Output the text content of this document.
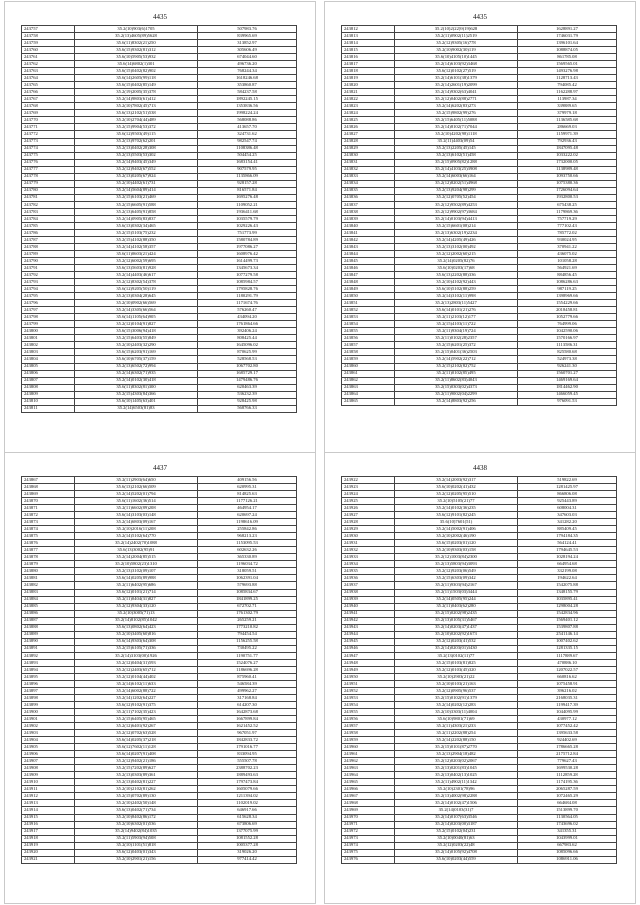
4435
243757	35.2(10)903(6)1705	507983.76
243758	35.2(13)4605(89)5628	839965.69
243759	35.6(11)8302(21)250	313852.97
243760	35.6(15)9302(81)312	305606.49
243761	35.6(10)5905(53)932	674044.60
243762	35.6(14)6802(1)301	496736.20
243763	35.6(15)0402(82)902	768244.34
243764	35.6(14)2605(99)118	1618246.68
243765	35.6(15)0402(85)149	353860.87
243766	35.2(19)2005(35)378	584237.58
243767	35.2(14)9803(61)412	1892245.15
243768	35.2(10)7802(45)713	1353836.56
243769	35.6(13)2102(51)538	1998224.24
243770	35.2(10)2704(44)489	568088.86
243771	35.2(15)9904(53)372	413657.70
243772	35.6(12)9503(49)115	324731.62
243773	35.2(13)9702(62)201	982547.74
243774	35.2(13)0402(28)308	1108386.48
243775	35.2(13)5503(53)302	504454.25
243776	35.2(14)9403(45)349	1683154.41
243777	35.2(12)9402(67)552	907579.95
243778	35.2(13)0205(67)924	1135866.09
243779	35.2(10)4402(61)731	928157.28
243780	35.2(14)5604(89)414	816571.84
243781	35.2(15)6103(21)469	1695276.48
243782	35.2(15)6605(91)588	1109052.21
243783	35.2(13)6405(91)858	1936411.68
243784	35.2(14)0905(83)837	1035579.79
243785	35.6(13)0302(34)465	1029226.43
243786	35.2(15)5103(75)232	751773.99
243787	35.2(15)4102(88)350	1580784.89
243788	35.2(14)4102(58)357	1977086.27
243789	35.6(11)0603(21)424	1608976.42
243790	35.2(12)6002(59)695	1614499.73
243791	35.6(13)5603(81)928	1345673.34
243792	35.2(14)4403(46)617	1077279.58
243793	35.2(12)8302(54)378	1085984.57
243794	35.6(12)9205(50)119	1795828.76
243795	35.2(13)0304(28)645	1180291.79
243796	35.2(10)0902(66)569	1171674.76
243797	35.2(14)3305(66)564	576260.47
243798	35.6(14)1105(64)905	434094.20
243799	35.2(12)0104(91)827	1761864.66
243800	35.6(15)3006(94)418	392406.24
243801	35.2(15)6403(55)849	808425.44
243802	35.2(10)2403(32)290	1645096.02
243803	35.6(15)6203(91)169	870625.99
243804	35.6(10)6705(37)159	528568.53
243805	35.2(13)6502(72)994	1067702.80
243806	35.2(14)6302(71)935	1685729.17
243807	35.2(14)0102(30)418	1479486.76
243808	35.6(11)8302(81)300	620463.39
243809	35.2(15)4303(84)366	536232.39
243810	35.6(10)1405(63)401	928425.98
243811	35.2(14)6503(81)83	568766.33
4435
243812	35.2(10)2(22)9(19)628	1628891.27
243813	35.2(11)0902(11)2519	1746031.79
243814	35.2(12)9305(16)778	1396101.64
243815	35.2(10)9002(30)119	1088874.05
243816	35.6(10)4105(10)1445	861785.08
243817	35.2(14)6103(92)3468	1569565.01
243818	35.6(12)0102(27)519	1493276.98
243819	35.2(14)6101(38)1379	1128713.43
243820	35.2(14)2601(19)2099	794085.42
243821	35.2(14)9302(63)4041	1162288.97
243822	35.2(12)0402(88)2771	113987.34
243823	35.2(14)6202(83)273	339889.65
243824	35.2(15)9802(99)276	379979.18
243825	35.2(15)6405(11)5088	1136585.68
243826	35.2(14)8102(71)7044	286669.03
243827	35.2(10)4202(98)1118	1159971.39
243828	35.2(11)4403(09)54	792936.43
243829	35.2(13)2205(45)145	1847095.48
243830	35.2(13)6102(51)458	1033222.02
243831	35.2(15)0905(82)1288	1732000.05
243832	35.2(14)4103(25)3908	1138989.48
243833	35.2(14)6003(66)164	1093750.66
243834	35.2(12)8202(51)4968	1075380.36
243835	35.2(13)9204(98)299	1726094.64
243836	35.2(12)0705(52)454	1932800.53
243837	35.2(12)9502(89)4253	675438.25
243838	35.2(12)9902(97)3684	1179869.36
243839	35.2(14)0103(94)4413	757719.29
243840	35.2(15)6601(08)214	777102.43
243841	35.2(13)6302(19)2234	785772.02
243842	35.2(14)4205(49)426	930024.95
243843	35.2(13)3102(00)492	370941.22
243844	35.2(12)2002(60)215	436075.02
243845	35.2(14)0205(82)76	101058.28
243846	35.6(10)0203(17)68	564921.69
243847	35.6(13)2202(88)336	884856.45
243848	35.2(10)4102(92)443	1086286.63
243849	35.6(10)5102(88)259	987119.25
243850	35.2(14)3102(11)998	1398969.66
243851	35.2(13)2803(11)5427	1554229.66
243852	35.6(14)0101(21)276	2018458.81
243853	35.2(11)2103(12)177	1052779.66
243854	35.2(15)4103(11)722	764999.06
243855	35.2(11)9304(19)724	1042590.06
243856	35.2(11)0102(28)2357	1570166.97
243857	35.2(15)6201(25)372	1113586.31
243858	35.2(15)0401(36)2503	825580.68
243859	35.2(14)5902(22)712	524973.38
243860	35.2(15)2102(82)752	926241.30
243861	35.2(11)0102(85)495	1560701.27
243862	35.2(11)8602(83)4043	1469169.64
243863	35.2(15)0303(02)4373	1814462.90
243864	35.2(11)9002(04)2299	1466059.45
243865	35.2(14)8803(92)256	976091.53
4437
243867	35.2(11)2903(64)650	409156.56
243868	35.6(13)2102(66)509	620995.31
243869	35.2(14)5202(01)794	814825.63
243870	35.6(11)1602(36)514	1177126.21
243871	35.2(11)6602(89)208	464954.17
243872	35.6(14)3103(03)148	620697.24
243873	35.2(14)6803(09)167	1198616.09
243874	35.2(10)2016(11)208	255842.86
243875	35.2(14)5102(64)770	968213.23
243876	35.2(14)2402(70)1088	1153095.53
243877	35.6(13)3002(95)91	602632.26
243878	35.2(14)2004(85)515	365330.89
243879	35.2(10)5802(23)1310	1196034.72
243880	35.2(13)3102(09)107	318059.51
243881	35.6(14)0205(89)988	1062391.04
243882	35.2(11)6402(95)686	579693.88
243883	35.6(12)0101(21)714	1085834.67
243884	35.2(11)0404(31)827	1841899.25
243885	35.2(12)9304(33)120	672702.71
243886	35.2(10)3005(71)13	1761302.79
243887	35.2(14)8102(85)1042	265259.21
243888	35.6(13)0802(64)423	1773210.82
243889	35.2(10)3405(60)816	794454.54
243890	35.6(14)9303(64)308	1156255.58
243891	35.2(15)6105(71)336	730495.22
243892	35.2(14)3103(00)1926	1190751.77
243893	35.2(12)0404(31)593	1524076.27
243894	35.2(12)2403(65)712	1186696.28
243895	35.2(12)0104(44)402	875960.41
243896	35.2(14)6102(11)633	546584.39
243897	35.2(14)6002(88)722	499962.27
243898	35.2(14)1202(64)227	317168.84
243899	35.6(12)9102(91)375	614207.30
243900	35.2(11)7102(35)423	1642873.68
243901	35.2(15)6405(95)465	1667899.84
243902	35.2(12)6401(92)267	1621452.52
243903	35.2(12)0702(63)528	967051.97
243904	35.6(14)0205(37)218	1842833.72
243905	35.6(12)7602(11)128	1791016.77
243906	35.6(14)0207(91)408	833094.95
243907	35.2(12)9402(21)186	555507.78
243908	35.2(15)7202(89)627	2388702.23
243909	35.2(13)0303(89)361	1889493.63
243910	35.2(13)0402(81)227	1797473.84
243911	35.2(10)2102(81)262	1605079.66
243912	35.2(15)0702(89)130	1211394.02
243913	35.2(10)2402(50)148	1102019.02
243914	35.6(13)0402(71)734	646917.66
243915	35.2(10)8402(86)172	615628.34
243916	35.2(10)6302(01)536	673806.69
243917	35.2(14)9402(84)1035	1377075.99
243918	35.2(11)5903(94)508	1081552.28
243919	35.2(10)1101(51)818	1005377.28
243920	35.6(12)0403(01)343	319026.20
243921	35.2(10)2901(21)156	977414.42
4438
243922	35.2(14)2003(92)317	519822.69
243923	35.6(10)0202(41)432	1281425.97
243924	35.2(12)0205(95)510	866806.08
243925	35.2(10)5105(21)77	925443.89
243926	35.2(14)0102(36)235	608004.31
243927	35.6(12)9101(82)245	347603.03
243928	35.6(10)7601(51)	341282.20
243929	35.2(14)5002(91)406	885409.45
243930	35.2(10)2002(46)190	1794184.35
243931	35.6(15)0203(01)120	564124.41
243932	35.2(10)9303(03)158	1794645.53
243933	35.2(12)1003(84)2300	1028194.24
243934	35.2(13)5803(94)3093	664954.68
243935	35.2(12)9203(06)549	332199.08
243936	35.2(15)6303(09)342	194622.64
243937	35.2(11)9303(94)2167	1542075.88
243938	35.2(11)1503(03)3444	1348155.79
243939	35.2(14)0505(95)244	1035895.41
243940	35.2(11)0403(62)280	1298004.28
243941	35.2(15)0202(98)2435	1542834.96
243942	35.2(13)0105(31)5467	1569401.12
243943	35.2(14)0203(47)1437	1539807.88
243944	35.2(10)0202(92)1673	2541146.14
243945	35.2(12)0203(41)532	1007402.62
243946	35.2(14)0203(01)3430	1281335.15
243947	35.2(13)0102(11)77	1117889.67
243948	35.2(15)0103(81)825	470886.10
243949	35.2(12)0103(45)320	1207022.57
243950	35.2(10)2903(21)22	660816.62
243951	35.2(10)0103(21)163	1075458.91
243952	35.2(12)0905(96)537	396216.02
243953	35.2(15)0102(91)1379	2168035.31
243954	35.2(14)0202(12)283	1199417.39
243955	35.2(10)3303(11)4004	1044095.99
243956	35.6(10)9801(71)69	430977.12
243957	35.2(11)4303(21)233	1077452.42
243958	35.2(11)2202(88)254	1395633.58
243959	35.2(14)2202(88)150	924402.69
243960	35.2(15)0101(87)2770	1786665.28
243961	35.2(13)2904(18)482	2175712.84
243962	35.2(12)0203(02)2067	779627.43
243963	35.2(13)0201(83)1045	1699530.28
243964	35.2(13)0402(13)1025	1112859.28
243965	35.2(11)4902(11)1342	1174195.36
243966	35.2(10)2301(78)96	2065287.59
243967	35.2(13)4002(98)2288	1072465.29
243968	35.2(14)0102(47)1506	664684.08
243969	35.2(14)0103(31)7	1513899.70
243970	35.2(14)0107(63)3546	1130564.05
243971	35.2(14)0203(00)3187	1743696.02
243972	35.2(15)0102(04)231	341355.31
243973	35.2(10)0040(81)63	1043999.01
243974	35.2(12)0203(22)48	667983.62
243975	35.2(14)0105(92)4708	1085096.66
243976	35.6(10)0203(44)559	1086911.06
